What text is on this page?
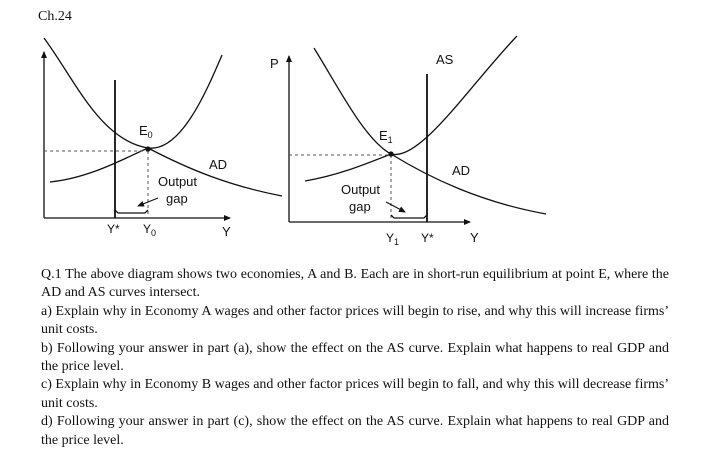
Ch.24
$E_0$
AD
Output
gap
Y* $Y_0$	Y
P	AS
$E_1$
AD
Output
gap
$Y_1$ Y*	Y

Q.1 The above diagram shows two economies, A and B. Each are in short-run equilibrium at point E, where the AD and AS curves intersect.

a) Explain why in Economy A wages and other factor prices will begin to rise, and why this will increase firms’ unit costs.

b) Following your answer in part (a), show the effect on the AS curve. Explain what happens to real GDP and the price level.

c) Explain why in Economy B wages and other factor prices will begin to fall, and why this will decrease firms’ unit costs.

d) Following your answer in part (c), show the effect on the AS curve. Explain what happens to real GDP and the price level.
